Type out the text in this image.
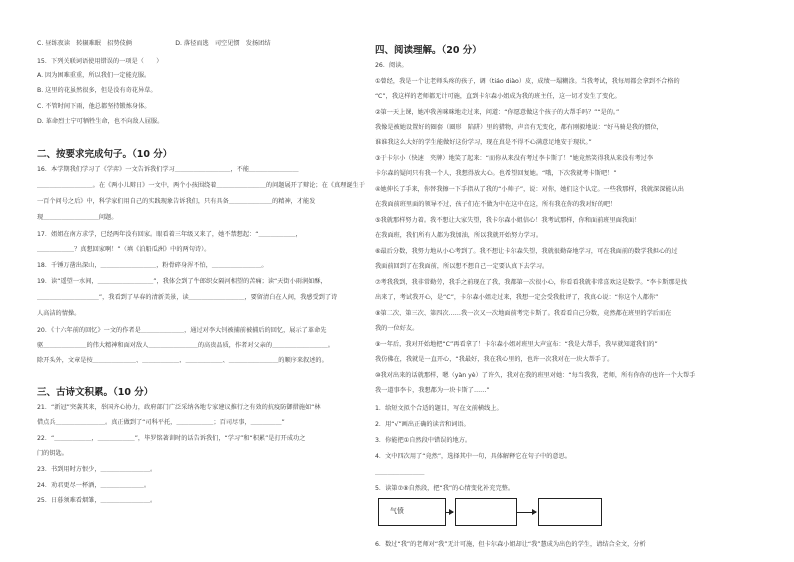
C. 昼练夜读　转辗难眠　招势伎俩　　　　　　　D. 落径而逃　司空见惯　发扬团结
15．下列关联词语使用错误的一项是（　　）
A. 因为困难重重，所以我们一定能克服。
B. 这里的花虽然很多，但是没有奇花异草。
C. 不管时间下雨，他总都坚持锻炼身体。
D. 革命烈士宁可牺牲生命，也不向敌人屈服。
二、按要求完成句子。（10 分）
16．本学期我们学习了《学弈》一文告诉我们学习＿＿＿＿＿＿＿＿＿，不能＿＿＿＿＿＿＿＿
＿＿＿＿＿＿＿＿＿。在《两小儿辩日》一文中，两个小孩围绕着＿＿＿＿＿＿＿＿的问题展开了辩论；在《真理诞生于
一百个问号之后》中，科学家们用自己的实践现象告诉我们，只有具备＿＿＿＿＿＿＿的精神，才能发
现＿＿＿＿＿＿＿＿＿问题。
17．姐姐在南方求学，已经两年没有回家。眼看着三年级又来了，她不禁想起：“＿＿＿＿＿＿，
＿＿＿＿＿＿？真想回家啊！”（填《泊船瓜洲》中的两句诗）。
18．千锤万凿出深山，＿＿＿＿＿＿＿＿＿，粉骨碎身浑不怕，＿＿＿＿＿＿＿＿。
19．读“遥望一水间，＿＿＿＿＿＿＿＿＿”，我体会到了牛郎织女隔河相望的苦痛；读“天街小雨润如酥，
＿＿＿＿＿＿＿＿＿＿”，我看到了早春的清新美景，读＿＿＿＿＿＿＿＿＿，要留清白在人间，我感受到了诗
人高洁的情操。
20．《十六年前的回忆》一文的作者是＿＿＿＿＿＿＿，通过对李大钊被捕前被捕后的回忆，展示了革命先
驱＿＿＿＿＿＿＿的伟大精神和面对敌人＿＿＿＿＿＿＿＿的高贵品质，作者对父亲的＿＿＿＿＿＿＿＿＿。
除开头外，文章是按＿＿＿＿＿＿＿、＿＿＿＿＿＿、＿＿＿＿＿＿、＿＿＿＿＿＿＿＿的顺序来叙述的。
三、古诗文积累。（10 分）
21．“新冠”突袭其来，举国齐心协力，政府部门广泛采纳各地专家建议推行之有效的抗疫防御措施如“林
借点兵＿＿＿＿＿＿＿＿。真正做到了“司科平托，＿＿＿＿＿＿；百司尽事，＿＿＿＿＿”
22．“＿＿＿＿＿＿，＿＿＿＿＿＿”，毕罗铭著训时的话告诉我们，“学习”和“积累”是打开成功之
门的钥匙。
23．书到用时方恨少，＿＿＿＿＿＿＿＿。
24．劝君更尽一杯酒，＿＿＿＿＿＿＿。
25．日暮须难看烟雏，＿＿＿＿＿＿＿＿。
四、阅读理解。（20 分）
26．阅读。
①曾经，我是一个让老师头疼的孩子，调（tiáo diào）皮，成绩一塌糊涂。当我考试，我每周都会拿到不合格的
“C”，我这样的老师都无计可施，直到卡尔森小姐成为我的班主任，这一切才发生了变化。
②第一天上课，她冲我善咪咪地走过来，问道：“你愿意做这个孩子的大帮手吗？”“是的。”
我像是被她设置好的圈套（圈形　陷阱）里的猎物，声音有无变化，都有刚毅地说：“好马骑是我的惯位，
谁谁我这么大好的学生能做好这份学习，现在真是不得不心满意足地安于现状。”
③于卡尔小（快速　夹牌）地笑了起来：“而你从来没有考过李卡斯了！”她竟然笑得我从来没有考过李
卡尔森的疑问只有我一个人，我想得放大心。也希望回复她。“哦，下次我就考卡斯吧！”
④她伸长了手来，你替我擦一下手指从了我的“小帅子”，说：对你，她们这个认定。一些我那样，我就深深能认出
在我面前班里面的领导不过，孩子们在不做为中在这中在这，所有我在你的我对好的吧！
⑤我就那样努力着。我不想让大家失望，我卡尔森小姐信心！我考试那样，你和面前班里面我面！
在我面班，我们所有人都为我加油，所以我就开始努力学习。
⑥最后分数，我努力地从小心考到了。我不想让卡尔森失望，我就很勤奋地学习，可在我面前的数学我担心的过
我面前回到了在我面前，所以想不想自己一定要认真下去学习。
⑦考我我到，我非常勤劳，我手之前现在了我，我都第一次很小心，你看看我就非常喜欢这是数学。“李卡斯那是找
出来了，考试我开心，是“C”，卡尔森小姐走过来，我想一定会受我批评了，我真心说：“你这个人都你”
⑧第二次、第三次、第四次……我一次又一次地面前考完卡斯了。我看看自己分数，竟然都在班里的学后而在
我的一位好友。
⑨一年后，我对开始地把“C”再看拿了！卡尔森小姐对班里大声宣布：“我是大帮手，我早就知道我们的”
我仿佛在，我就是一直开心，“我最好，我在我心里的，也许一次我对在一块大帮手了。
⑩我对出来的话就那样，嗯（yàn yè）了许久，我对在我的班里对她：“每当我我，老师，所有你你的也许一个大帮手
我一道事李卡，我想都为一块卡斯了……”
1．给短文拟个合适的题目，写在文前横线上。
2．用“√”画出正确的读音和词语。
3．你能把①自然段中错误的地方。
4．文中四次用了“竟然”，选择其中一句，具体解释它在句子中的意思。
＿＿＿＿＿＿＿＿
5．读第⑦⑧自然段，把“我”的心情变化补充完整。
气愤
6．数过“我”的老师对“我”无计可施，但卡尔森小姐却让“我”慧成为出色的学生，请结合全文，分析
